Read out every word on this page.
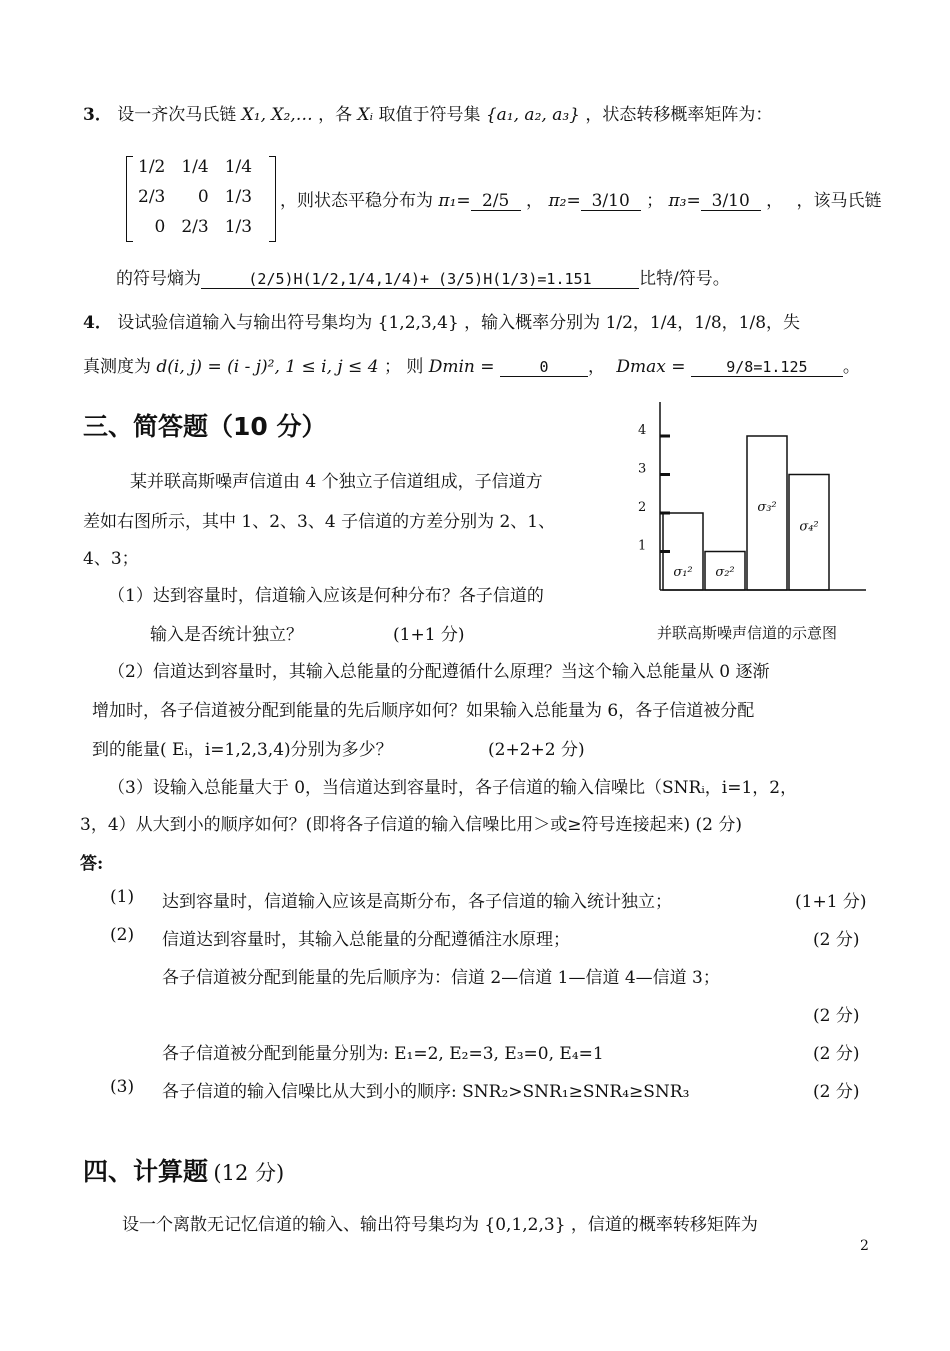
3． 设一齐次马氏链 X₁, X₂,… ，各 Xᵢ 取值于符号集 {a₁, a₂, a₃} ，状态转移概率矩阵为：
1/2	1/4	1/4
2/3	0	1/3
0	2/3	1/3
，则状态平稳分布为 π₁= 2/5 ， π₂= 3/10 ； π₃= 3/10 ， ，该马氏链
的符号熵为	(2/5)H(1/2,1/4,1/4)+ (3/5)H(1/3)=1.151	比特/符号。
4． 设试验信道输入与输出符号集均为 {1,2,3,4} ，输入概率分别为 1/2，1/4，1/8，1/8，失
真测度为 d(i, j) = (i - j)², 1 ≤ i, j ≤ 4 ； 则 Dmin =	0 ， Dmax =	9/8=1.125 。
三、简答题（10 分）
某并联高斯噪声信道由 4 个独立子信道组成，子信道方
差如右图所示，其中 1、2、3、4 子信道的方差分别为 2、1、
4、3；
（1）达到容量时，信道输入应该是何种分布？各子信道的
输入是否统计独立？	(1+1 分)
1
2
3
4
σ₁² σ₂²
σ₃²
σ₄²
并联高斯噪声信道的示意图
（2）信道达到容量时，其输入总能量的分配遵循什么原理？当这个输入总能量从 0 逐渐
增加时，各子信道被分配到能量的先后顺序如何？如果输入总能量为 6，各子信道被分配
到的能量( Eᵢ，i=1,2,3,4)分别为多少？	(2+2+2 分)
（3）设输入总能量大于 0，当信道达到容量时，各子信道的输入信噪比（SNRᵢ，i=1，2，
3，4）从大到小的顺序如何？(即将各子信道的输入信噪比用＞或≥符号连接起来) (2 分)
答:
(1) 达到容量时，信道输入应该是高斯分布，各子信道的输入统计独立；	(1+1 分)
(2) 信道达到容量时，其输入总能量的分配遵循注水原理；	(2 分)
各子信道被分配到能量的先后顺序为：信道 2—信道 1—信道 4—信道 3；
(2 分)
各子信道被分配到能量分别为: E₁=2, E₂=3, E₃=0, E₄=1	(2 分)
(3) 各子信道的输入信噪比从大到小的顺序: SNR₂>SNR₁≥SNR₄≥SNR₃	(2 分)
四、计算题 (12 分)
设一个离散无记忆信道的输入、输出符号集均为 {0,1,2,3} ，信道的概率转移矩阵为
2
